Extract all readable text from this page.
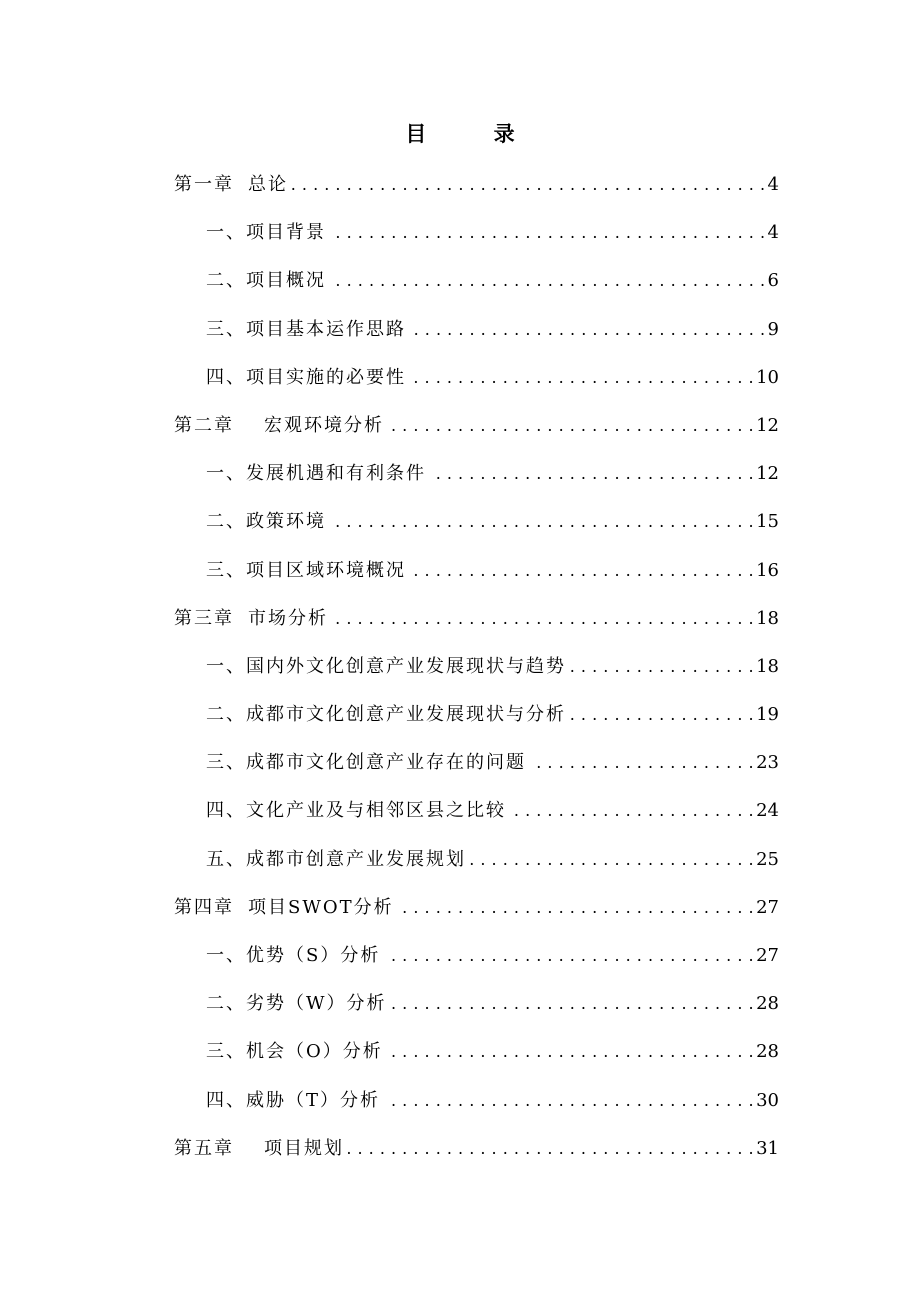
目 录
第一章 总论 . . .	4
一、项目背景 . . .	4
二、项目概况 . . .	6
三、项目基本运作思路 . . .	9
四、项目实施的必要性 . . .	10
第二章 宏观环境分析 . . .	12
一、发展机遇和有利条件 . . .	12
二、政策环境 . . .	15
三、项目区域环境概况 . . .	16
第三章 市场分析 . . .	18
一、国内外文化创意产业发展现状与趋势 . . .	18
二、成都市文化创意产业发展现状与分析 . . .	19
三、成都市文化创意产业存在的问题 . . .	23
四、文化产业及与相邻区县之比较 . . .	24
五、成都市创意产业发展规划 . . .	25
第四章 项目SWOT分析 . . .	27
一、优势（S）分析 . . .	27
二、劣势（W）分析 . . .	28
三、机会（O）分析 . . .	28
四、威胁（T）分析 . . .	30
第五章 项目规划 . . .	31
